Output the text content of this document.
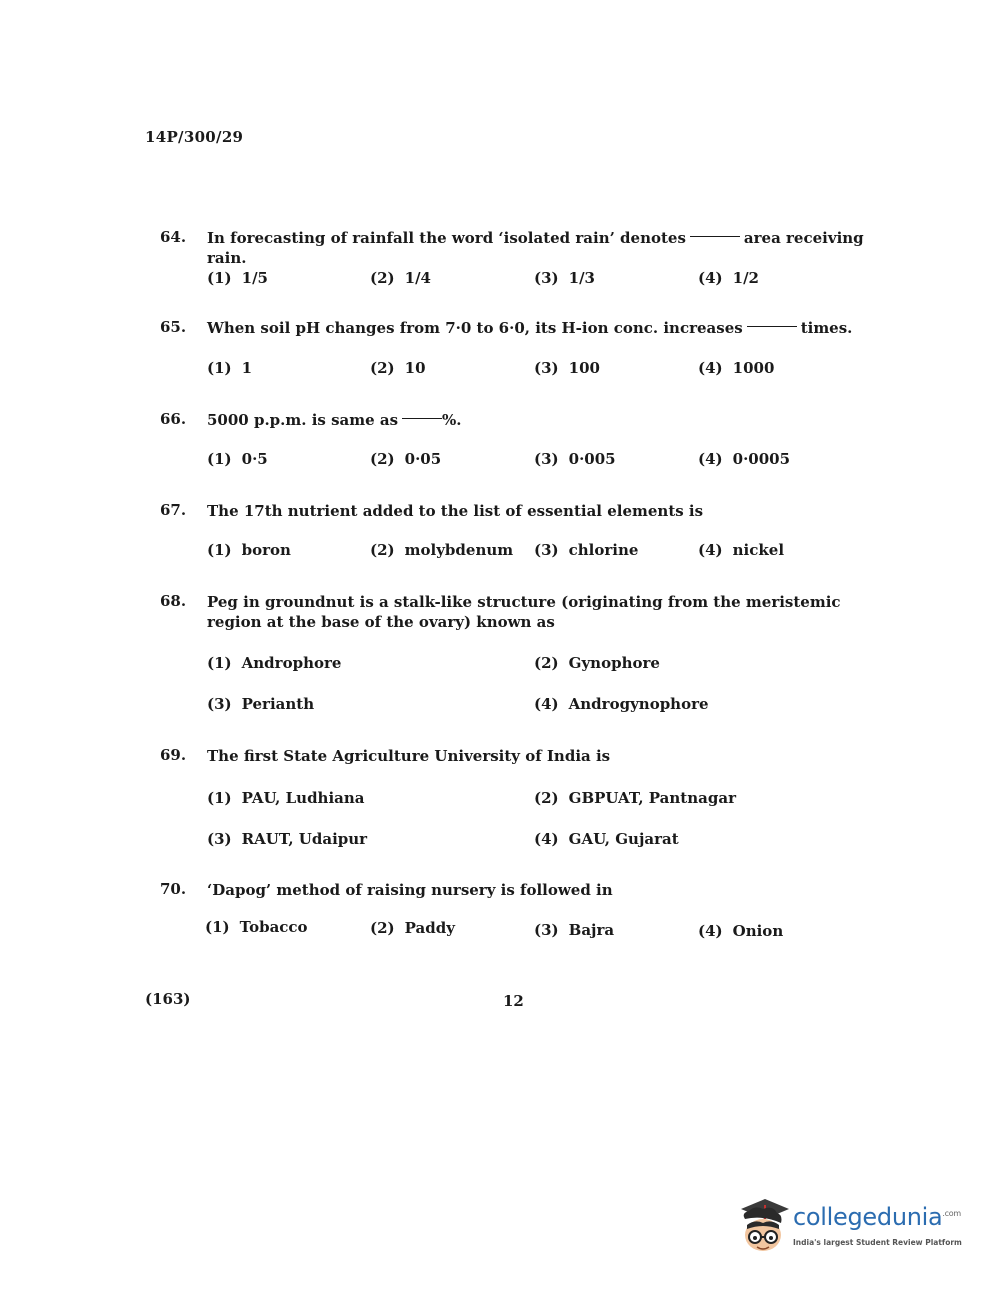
14P/300/29
64.	In forecasting of rainfall the word ‘isolated rain’ denotes	area receiving rain.
(1) 1/5	(2) 1/4	(3) 1/3	(4) 1/2
65.	When soil pH changes from 7·0 to 6·0, its H-ion conc. increases	times.
(1) 1	(2) 10	(3) 100	(4) 1000
66.	5000 p.p.m. is same as	%.
(1) 0·5	(2) 0·05	(3) 0·005	(4) 0·0005
67.	The 17th nutrient added to the list of essential elements is
(1) boron	(2) molybdenum (3) chlorine	(4) nickel
68.	Peg in groundnut is a stalk-like structure (originating from the meristemic region at the base of the ovary) known as
(1) Androphore	(2) Gynophore
(3) Perianth	(4) Androgynophore
69.	The first State Agriculture University of India is
(1) PAU, Ludhiana	(2) GBPUAT, Pantnagar
(3) RAUT, Udaipur	(4) GAU, Gujarat
70.	‘Dapog’ method of raising nursery is followed in
(1) Tobacco	(2) Paddy	(3) Bajra	(4) Onion
(163)	12
collegedunia$^{.com}$
India's largest Student Review Platform
